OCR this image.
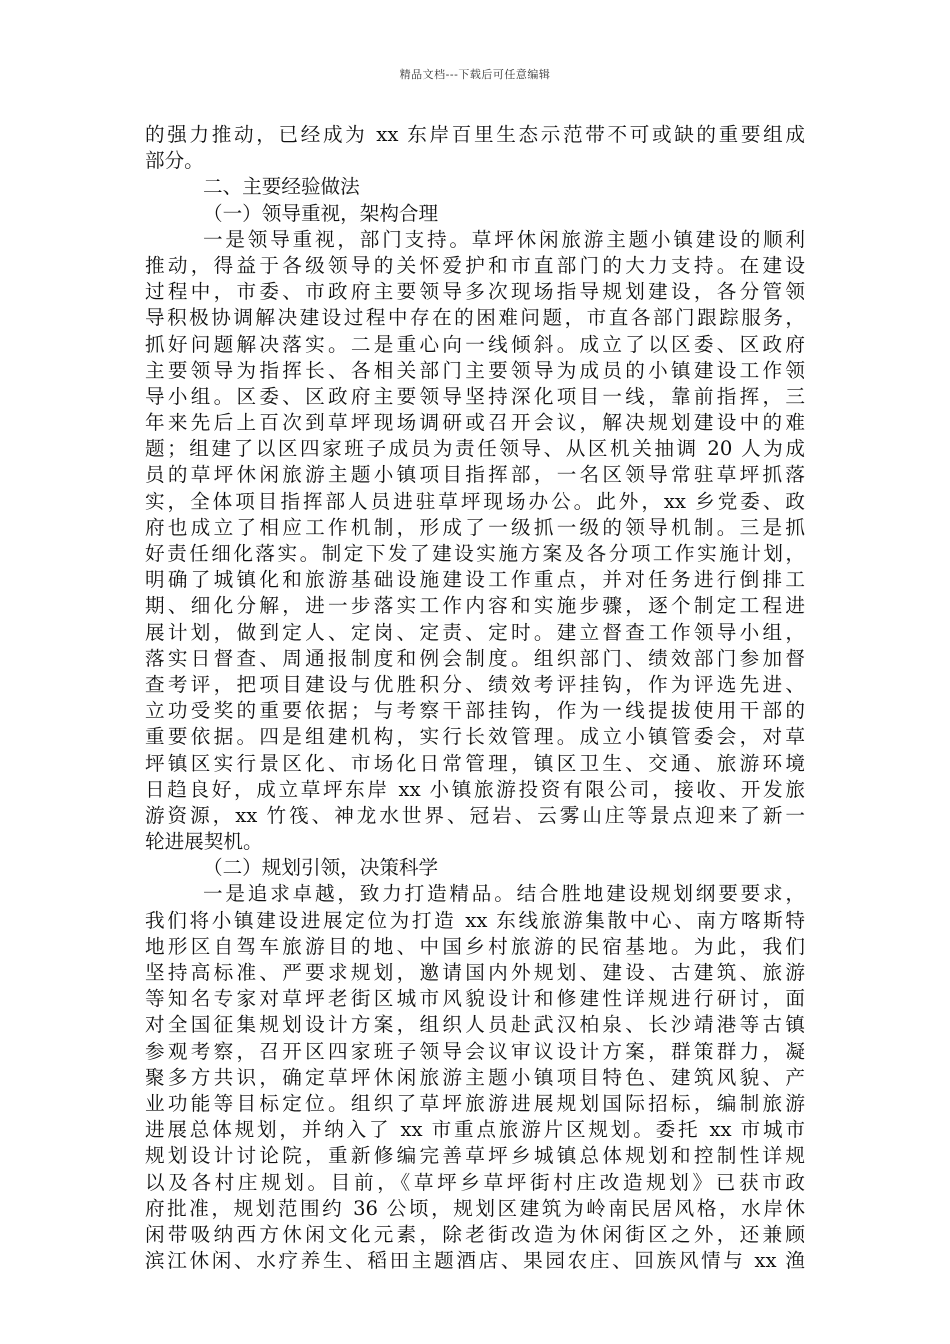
精品文档---下载后可任意编辑
的强力推动，已经成为 xx 东岸百里生态示范带不可或缺的重要组成
部分。
二、主要经验做法
（一）领导重视，架构合理
一是领导重视，部门支持。草坪休闲旅游主题小镇建设的顺利
推动，得益于各级领导的关怀爱护和市直部门的大力支持。在建设
过程中，市委、市政府主要领导多次现场指导规划建设，各分管领
导积极协调解决建设过程中存在的困难问题，市直各部门跟踪服务，
抓好问题解决落实。二是重心向一线倾斜。成立了以区委、区政府
主要领导为指挥长、各相关部门主要领导为成员的小镇建设工作领
导小组。区委、区政府主要领导坚持深化项目一线，靠前指挥，三
年来先后上百次到草坪现场调研或召开会议，解决规划建设中的难
题；组建了以区四家班子成员为责任领导、从区机关抽调 20 人为成
员的草坪休闲旅游主题小镇项目指挥部，一名区领导常驻草坪抓落
实，全体项目指挥部人员进驻草坪现场办公。此外，xx 乡党委、政
府也成立了相应工作机制，形成了一级抓一级的领导机制。三是抓
好责任细化落实。制定下发了建设实施方案及各分项工作实施计划，
明确了城镇化和旅游基础设施建设工作重点，并对任务进行倒排工
期、细化分解，进一步落实工作内容和实施步骤，逐个制定工程进
展计划，做到定人、定岗、定责、定时。建立督查工作领导小组，
落实日督查、周通报制度和例会制度。组织部门、绩效部门参加督
查考评，把项目建设与优胜积分、绩效考评挂钩，作为评选先进、
立功受奖的重要依据；与考察干部挂钩，作为一线提拔使用干部的
重要依据。四是组建机构，实行长效管理。成立小镇管委会，对草
坪镇区实行景区化、市场化日常管理，镇区卫生、交通、旅游环境
日趋良好，成立草坪东岸 xx 小镇旅游投资有限公司，接收、开发旅
游资源，xx 竹筏、神龙水世界、冠岩、云雾山庄等景点迎来了新一
轮进展契机。
（二）规划引领，决策科学
一是追求卓越，致力打造精品。结合胜地建设规划纲要要求，
我们将小镇建设进展定位为打造 xx 东线旅游集散中心、南方喀斯特
地形区自驾车旅游目的地、中国乡村旅游的民宿基地。为此，我们
坚持高标准、严要求规划，邀请国内外规划、建设、古建筑、旅游
等知名专家对草坪老街区城市风貌设计和修建性详规进行研讨，面
对全国征集规划设计方案，组织人员赴武汉柏泉、长沙靖港等古镇
参观考察，召开区四家班子领导会议审议设计方案，群策群力，凝
聚多方共识，确定草坪休闲旅游主题小镇项目特色、建筑风貌、产
业功能等目标定位。组织了草坪旅游进展规划国际招标，编制旅游
进展总体规划，并纳入了 xx 市重点旅游片区规划。委托 xx 市城市
规划设计讨论院，重新修编完善草坪乡城镇总体规划和控制性详规
以及各村庄规划。目前，《草坪乡草坪街村庄改造规划》已获市政
府批准，规划范围约 36 公顷，规划区建筑为岭南民居风格，水岸休
闲带吸纳西方休闲文化元素，除老街改造为休闲街区之外，还兼顾
滨江休闲、水疗养生、稻田主题酒店、果园农庄、回族风情与 xx 渔
